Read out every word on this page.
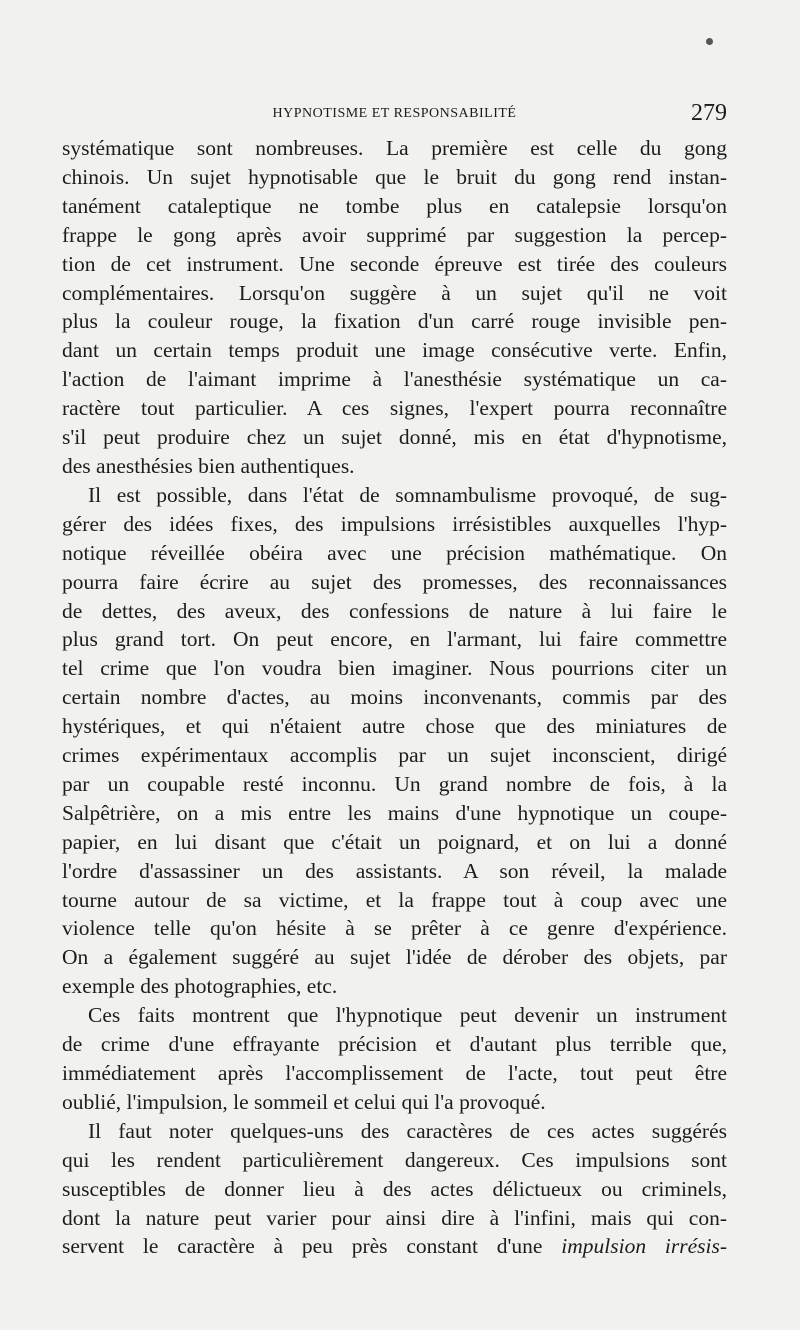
HYPNOTISME ET RESPONSABILITÉ	279
systématique sont nombreuses. La première est celle du gong
chinois. Un sujet hypnotisable que le bruit du gong rend instan-
tanément cataleptique ne tombe plus en catalepsie lorsqu'on
frappe le gong après avoir supprimé par suggestion la percep-
tion de cet instrument. Une seconde épreuve est tirée des couleurs
complémentaires. Lorsqu'on suggère à un sujet qu'il ne voit
plus la couleur rouge, la fixation d'un carré rouge invisible pen-
dant un certain temps produit une image consécutive verte. Enfin,
l'action de l'aimant imprime à l'anesthésie systématique un ca-
ractère tout particulier. A ces signes, l'expert pourra reconnaître
s'il peut produire chez un sujet donné, mis en état d'hypnotisme,
des anesthésies bien authentiques.
Il est possible, dans l'état de somnambulisme provoqué, de sug-
gérer des idées fixes, des impulsions irrésistibles auxquelles l'hyp-
notique réveillée obéira avec une précision mathématique. On
pourra faire écrire au sujet des promesses, des reconnaissances
de dettes, des aveux, des confessions de nature à lui faire le
plus grand tort. On peut encore, en l'armant, lui faire commettre
tel crime que l'on voudra bien imaginer. Nous pourrions citer un
certain nombre d'actes, au moins inconvenants, commis par des
hystériques, et qui n'étaient autre chose que des miniatures de
crimes expérimentaux accomplis par un sujet inconscient, dirigé
par un coupable resté inconnu. Un grand nombre de fois, à la
Salpêtrière, on a mis entre les mains d'une hypnotique un coupe-
papier, en lui disant que c'était un poignard, et on lui a donné
l'ordre d'assassiner un des assistants. A son réveil, la malade
tourne autour de sa victime, et la frappe tout à coup avec une
violence telle qu'on hésite à se prêter à ce genre d'expérience.
On a également suggéré au sujet l'idée de dérober des objets, par
exemple des photographies, etc.
Ces faits montrent que l'hypnotique peut devenir un instrument
de crime d'une effrayante précision et d'autant plus terrible que,
immédiatement après l'accomplissement de l'acte, tout peut être
oublié, l'impulsion, le sommeil et celui qui l'a provoqué.
Il faut noter quelques-uns des caractères de ces actes suggérés
qui les rendent particulièrement dangereux. Ces impulsions sont
susceptibles de donner lieu à des actes délictueux ou criminels,
dont la nature peut varier pour ainsi dire à l'infini, mais qui con-
servent le caractère à peu près constant d'une impulsion irrésis-
